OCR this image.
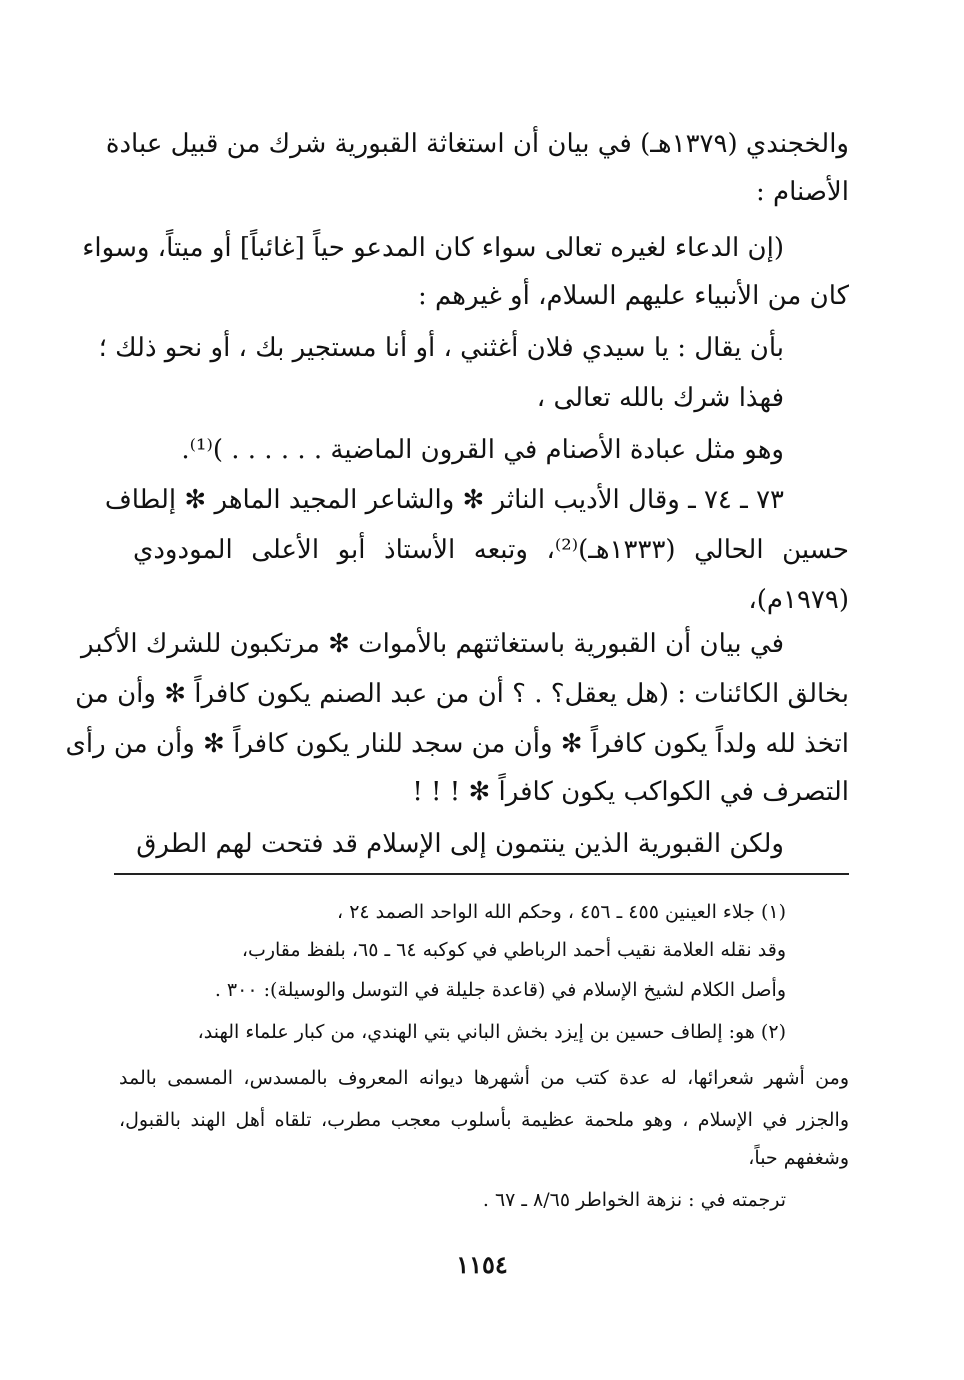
والخجندي (١٣٧٩هـ) في بيان أن استغاثة القبورية شرك من قبيل عبادة
الأصنام :
(إن الدعاء لغيره تعالى سواء كان المدعو حياً [غائباً] أو ميتاً، وسواء
كان من الأنبياء عليهم السلام، أو غيرهم :
بأن يقال : يا سيدي فلان أغثني ، أو أنا مستجير بك ، أو نحو ذلك ؛
فهذا شرك بالله تعالى ،
وهو مثل عبادة الأصنام في القرون الماضية . . . . . . )⁽¹⁾.
٧٣ ـ ٧٤ ـ وقال الأديب الناثر ✻ والشاعر المجيد الماهر ✻ إلطاف
حسين الحالي (١٣٣٣هـ)⁽²⁾، وتبعه الأستاذ أبو الأعلى المودودي
(١٩٧٩م)،
في بيان أن القبورية باستغاثتهم بالأموات ✻ مرتكبون للشرك الأكبر
بخالق الكائنات : (هل يعقل؟ . ؟ أن من عبد الصنم يكون كافراً ✻ وأن من
اتخذ لله ولداً يكون كافراً ✻ وأن من سجد للنار يكون كافراً ✻ وأن من رأى
التصرف في الكواكب يكون كافراً ✻ ! ! !
ولكن القبورية الذين ينتمون إلى الإسلام قد فتحت لهم الطرق
(١) جلاء العينين ٤٥٥ ـ ٤٥٦ ، وحكم الله الواحد الصمد ٢٤ ،
وقد نقله العلامة نقيب أحمد الرباطي في كوكبه ٦٤ ـ ٦٥، بلفظ مقارب،
وأصل الكلام لشيخ الإسلام في (قاعدة جليلة في التوسل والوسيلة): ٣٠٠ .
(٢) هو: إلطاف حسين بن إيزد بخش الباني بتي الهندي، من كبار علماء الهند،
ومن أشهر شعرائها، له عدة كتب من أشهرها ديوانه المعروف بالمسدس، المسمى بالمد
والجزر في الإسلام ، وهو ملحمة عظيمة بأسلوب معجب مطرب، تلقاه أهل الهند بالقبول،
وشغفهم حباً،
ترجمته في : نزهة الخواطر ٨/٦٥ ـ ٦٧ .
١١٥٤
